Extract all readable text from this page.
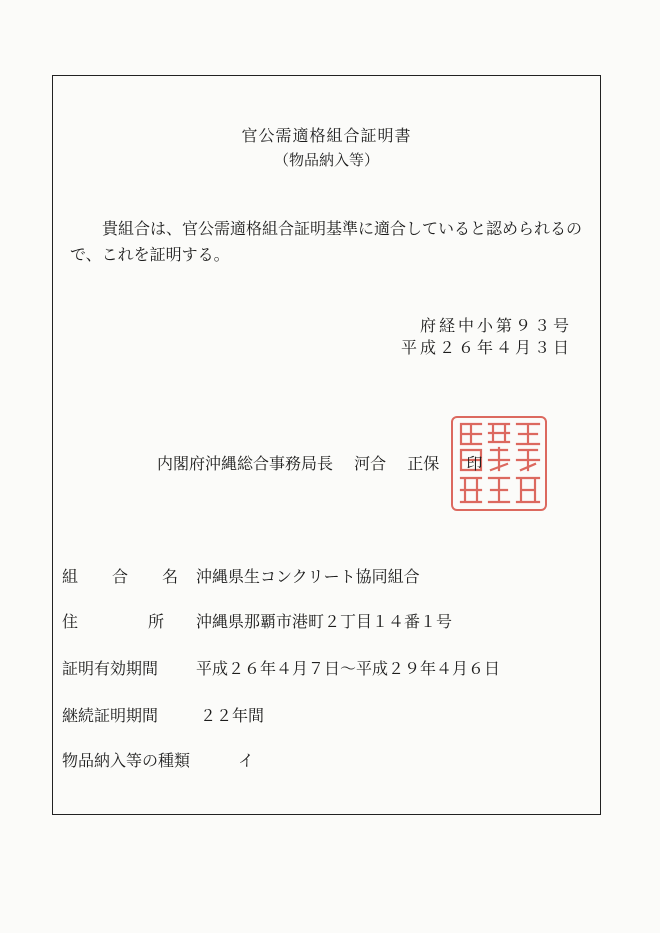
官公需適格組合証明書
（物品納入等）

貴組合は、官公需適格組合証明基準に適合していると認められるので、これを証明する。

府経中小第９３号
平成２６年４月３日
内閣府沖縄総合事務局長 河合 正保 印
組合名
沖縄県生コンクリート協同組合
住所
沖縄県那覇市港町２丁目１４番１号
証明有効期間 平成２６年４月７日～平成２９年４月６日
継続証明期間	２２年間
物品納入等の種類	イ
